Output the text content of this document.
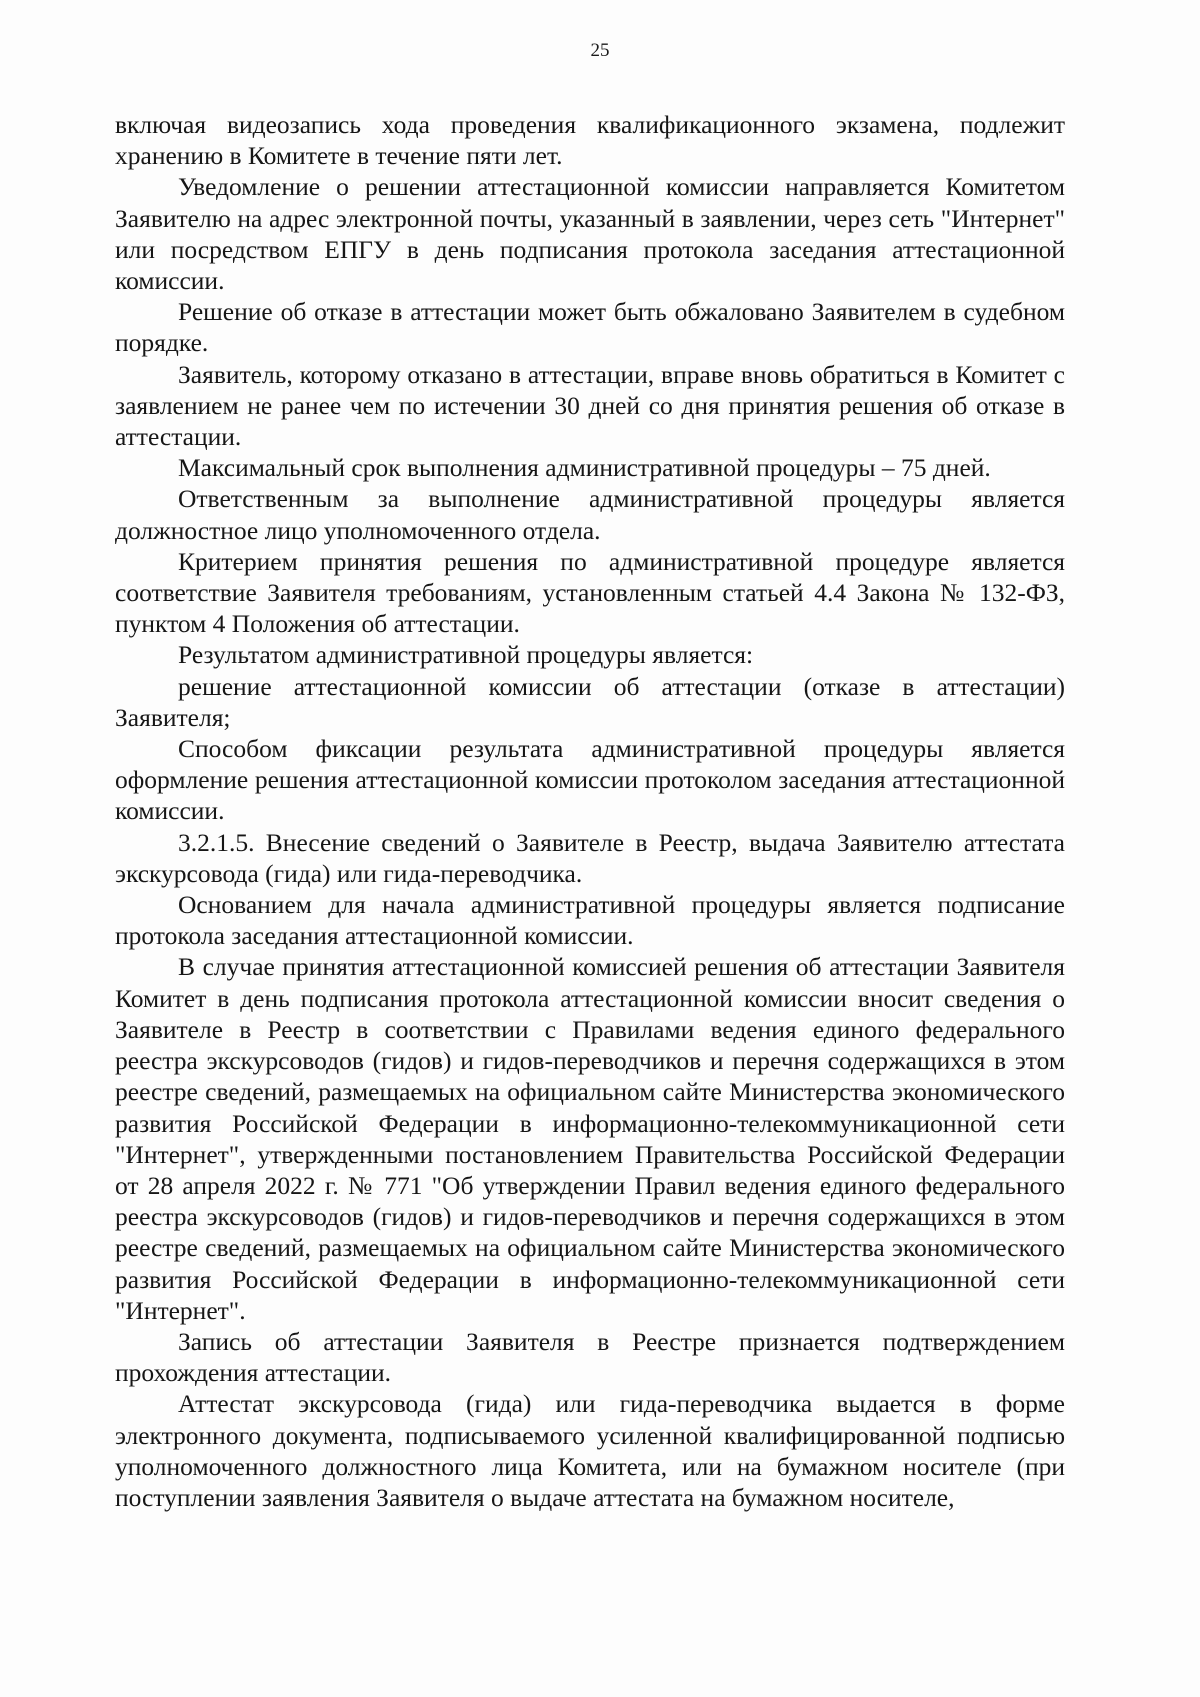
25

включая видеозапись хода проведения квалификационного экзамена, подлежит хранению в Комитете в течение пяти лет.

Уведомление о решении аттестационной комиссии направляется Комитетом Заявителю на адрес электронной почты, указанный в заявлении, через сеть "Интернет" или посредством ЕПГУ в день подписания протокола заседания аттестационной комиссии.

Решение об отказе в аттестации может быть обжаловано Заявителем в судебном порядке.

Заявитель, которому отказано в аттестации, вправе вновь обратиться в Комитет с заявлением не ранее чем по истечении 30 дней со дня принятия решения об отказе в аттестации.

Максимальный срок выполнения административной процедуры – 75 дней.

Ответственным за выполнение административной процедуры является должностное лицо уполномоченного отдела.

Критерием принятия решения по административной процедуре является соответствие Заявителя требованиям, установленным статьей 4.4 Закона № 132-ФЗ, пунктом 4 Положения об аттестации.

Результатом административной процедуры является:

решение аттестационной комиссии об аттестации (отказе в аттестации) Заявителя;

Способом фиксации результата административной процедуры является оформление решения аттестационной комиссии протоколом заседания аттестационной комиссии.

3.2.1.5. Внесение сведений о Заявителе в Реестр, выдача Заявителю аттестата экскурсовода (гида) или гида-переводчика.

Основанием для начала административной процедуры является подписание протокола заседания аттестационной комиссии.

В случае принятия аттестационной комиссией решения об аттестации Заявителя Комитет в день подписания протокола аттестационной комиссии вносит сведения о Заявителе в Реестр в соответствии с Правилами ведения единого федерального реестра экскурсоводов (гидов) и гидов-переводчиков и перечня содержащихся в этом реестре сведений, размещаемых на официальном сайте Министерства экономического развития Российской Федерации в информационно-телекоммуникационной сети "Интернет", утвержденными постановлением Правительства Российской Федерации от 28 апреля 2022 г. № 771 "Об утверждении Правил ведения единого федерального реестра экскурсоводов (гидов) и гидов-переводчиков и перечня содержащихся в этом реестре сведений, размещаемых на официальном сайте Министерства экономического развития Российской Федерации в информационно-телекоммуникационной сети "Интернет".

Запись об аттестации Заявителя в Реестре признается подтверждением прохождения аттестации.

Аттестат экскурсовода (гида) или гида-переводчика выдается в форме электронного документа, подписываемого усиленной квалифицированной подписью уполномоченного должностного лица Комитета, или на бумажном носителе (при поступлении заявления Заявителя о выдаче аттестата на бумажном носителе,
